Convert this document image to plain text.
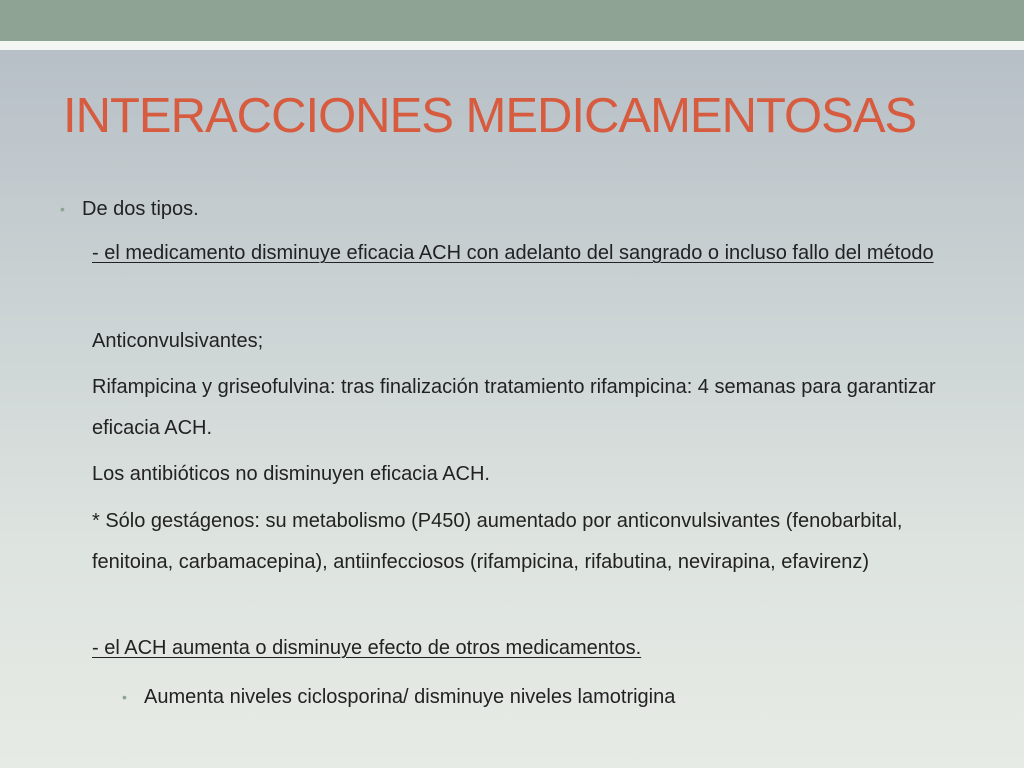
INTERACCIONES MEDICAMENTOSAS
• De dos tipos.
- el medicamento disminuye eficacia ACH con adelanto del sangrado o incluso fallo del método
Anticonvulsivantes;
Rifampicina y griseofulvina: tras finalización tratamiento rifampicina: 4 semanas para garantizar eficacia ACH.
Los antibióticos no disminuyen eficacia ACH.
* Sólo gestágenos: su metabolismo (P450) aumentado por anticonvulsivantes (fenobarbital, fenitoina, carbamacepina), antiinfecciosos (rifampicina, rifabutina, nevirapina, efavirenz)
- el ACH aumenta o disminuye efecto de otros medicamentos.
• Aumenta niveles ciclosporina/ disminuye niveles lamotrigina
